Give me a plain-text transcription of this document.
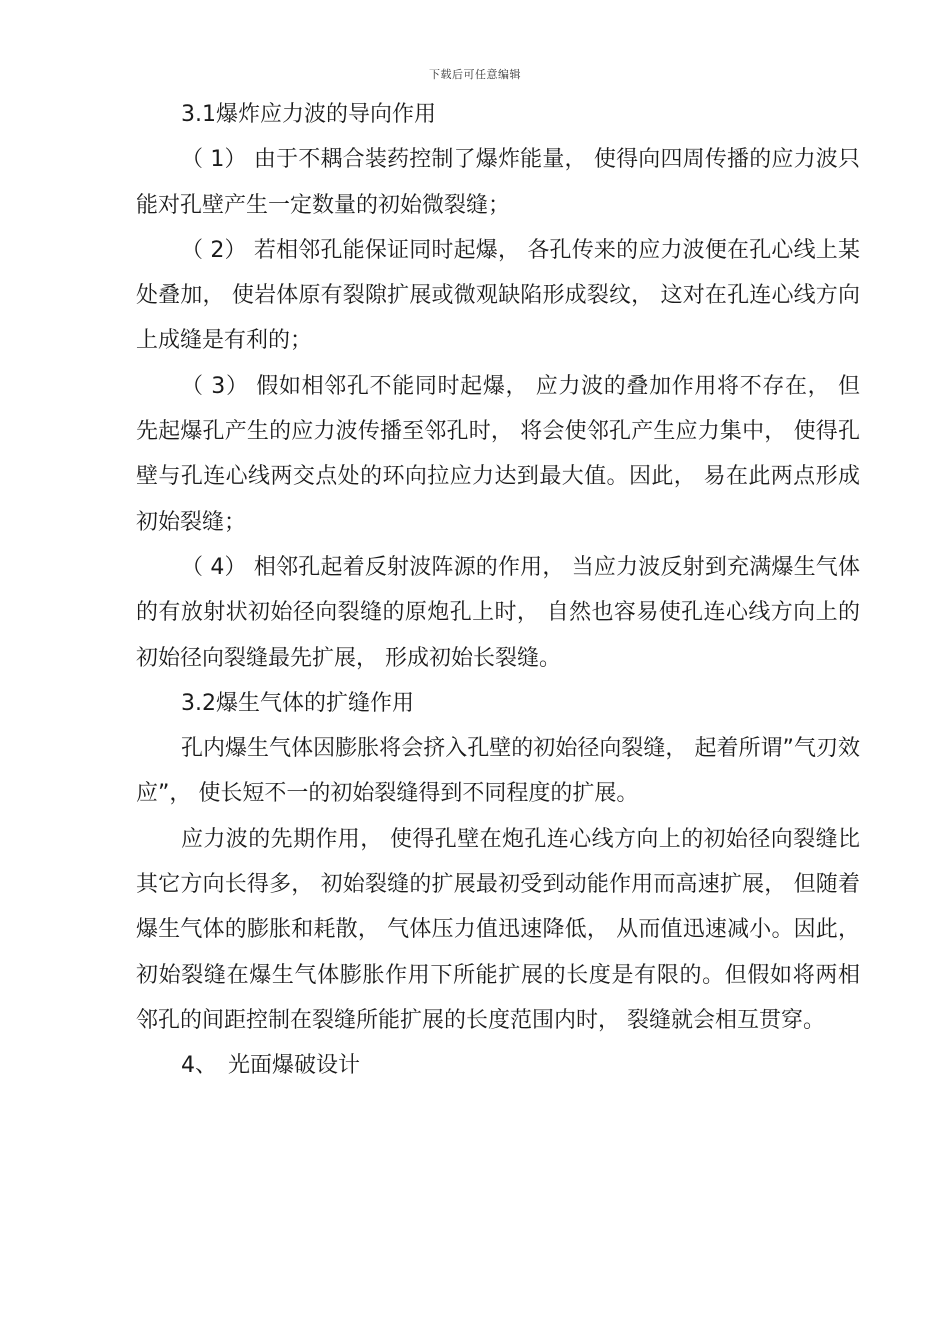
下载后可任意编辑

3.1爆炸应力波的导向作用

（ 1） 由于不耦合装药控制了爆炸能量， 使得向四周传播的应力波只能对孔壁产生一定数量的初始微裂缝；

（ 2） 若相邻孔能保证同时起爆， 各孔传来的应力波便在孔心线上某处叠加， 使岩体原有裂隙扩展或微观缺陷形成裂纹， 这对在孔连心线方向上成缝是有利的；

（ 3） 假如相邻孔不能同时起爆， 应力波的叠加作用将不存在， 但先起爆孔产生的应力波传播至邻孔时， 将会使邻孔产生应力集中， 使得孔壁与孔连心线两交点处的环向拉应力达到最大值。因此， 易在此两点形成初始裂缝；

（ 4） 相邻孔起着反射波阵源的作用， 当应力波反射到充满爆生气体的有放射状初始径向裂缝的原炮孔上时， 自然也容易使孔连心线方向上的初始径向裂缝最先扩展， 形成初始长裂缝。

3.2爆生气体的扩缝作用

孔内爆生气体因膨胀将会挤入孔壁的初始径向裂缝， 起着所谓”气刃效应”， 使长短不一的初始裂缝得到不同程度的扩展。

应力波的先期作用， 使得孔壁在炮孔连心线方向上的初始径向裂缝比其它方向长得多， 初始裂缝的扩展最初受到动能作用而高速扩展， 但随着爆生气体的膨胀和耗散， 气体压力值迅速降低， 从而值迅速减小。因此， 初始裂缝在爆生气体膨胀作用下所能扩展的长度是有限的。但假如将两相邻孔的间距控制在裂缝所能扩展的长度范围内时， 裂缝就会相互贯穿。

4、 光面爆破设计
